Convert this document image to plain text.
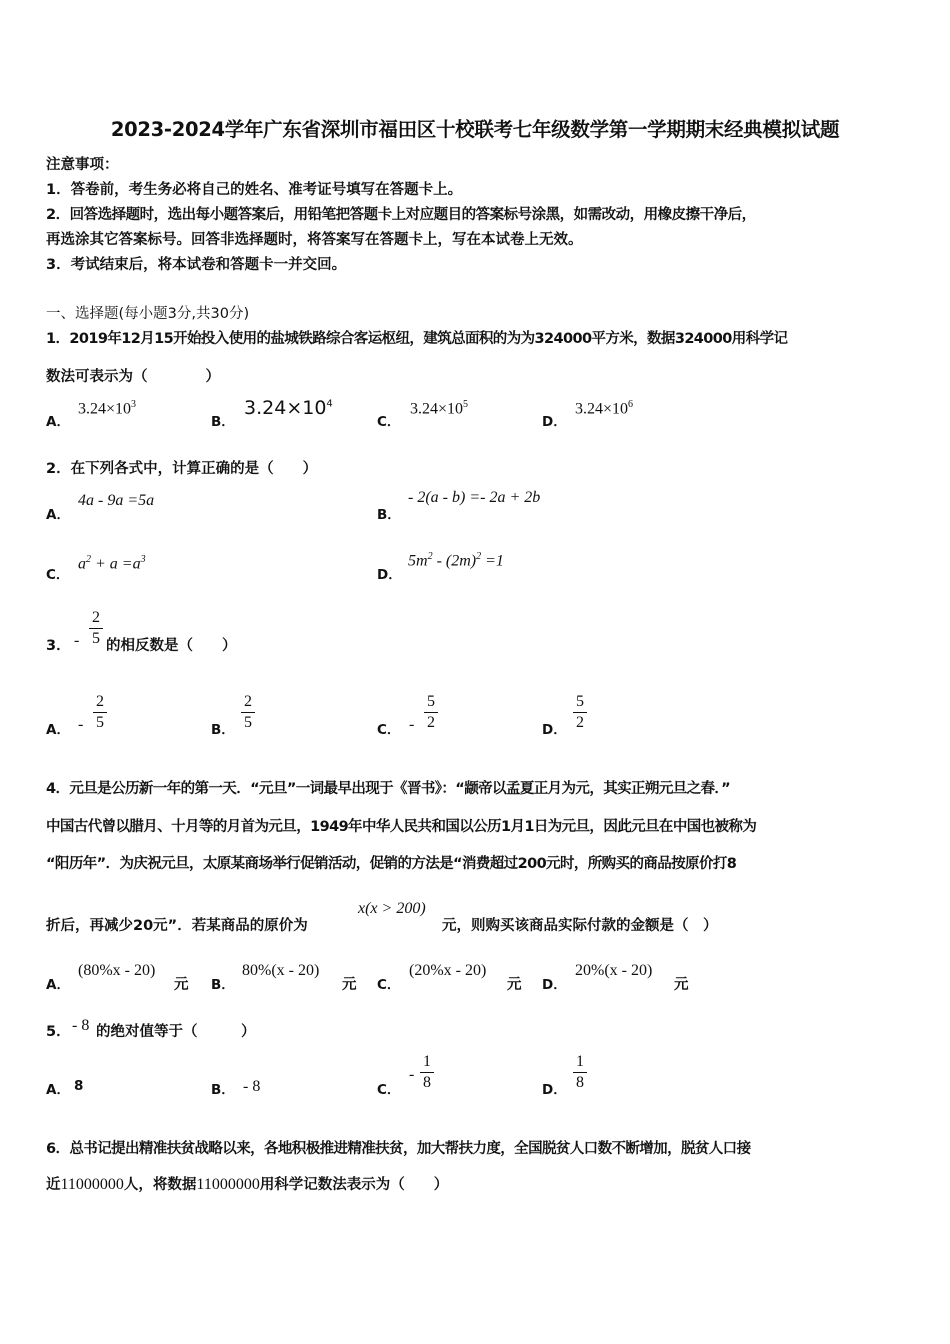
2023-2024学年广东省深圳市福田区十校联考七年级数学第一学期期末经典模拟试题
注意事项：
1．答卷前，考生务必将自己的姓名、准考证号填写在答题卡上。
2．回答选择题时，选出每小题答案后，用铅笔把答题卡上对应题目的答案标号涂黑，如需改动，用橡皮擦干净后，
再选涂其它答案标号。回答非选择题时，将答案写在答题卡上，写在本试卷上无效。
3．考试结束后，将本试卷和答题卡一并交回。
一、选择题(每小题3分,共30分)
1．2019年12月15开始投入使用的盐城铁路综合客运枢纽，建筑总面积的为为324000平方米，数据324000用科学记
数法可表示为（　　　　）
A．
$3.24\times 10^3$
B．
$3.24\times 10^4$
C．
$3.24\times 10^5$
D．
$3.24\times 10^6$
2．在下列各式中，计算正确的是（　　）
A．
4a - 9a =5a
B．
- 2(a - b) =- 2a + 2b
C．
$a^2 + a =a^3$
D．
$5m^2 - (2m)^2 =1$
3． -
2
5 的相反数是（　　）
A． -
2
5	B．
2
5	C． -
5
2	D．
5
2
4．元旦是公历新一年的第一天．“元旦”一词最早出现于《晋书》：“颛帝以孟夏正月为元，其实正朔元旦之春．”
中国古代曾以腊月、十月等的月首为元旦，1949年中华人民共和国以公历1月1日为元旦，因此元旦在中国也被称为
“阳历年”．为庆祝元旦，太原某商场举行促销活动，促销的方法是“消费超过200元时，所购买的商品按原价打8
折后，再减少20元”．若某商品的原价为
x(x > 200)
元，则购买该商品实际付款的金额是（　）
A．
(80%x - 20)
元 B．
80%(x - 20)
元 C．
(20%x - 20)
元 D．
20%(x - 20)
元
5． - 8 的绝对值等于（　　　）
A． 8	B． - 8	C．
-
1
8	D．
1
8
6．总书记提出精准扶贫战略以来，各地积极推进精准扶贫，加大帮扶力度，全国脱贫人口数不断增加，脱贫人口接
近11000000人，将数据11000000用科学记数法表示为（　　）
